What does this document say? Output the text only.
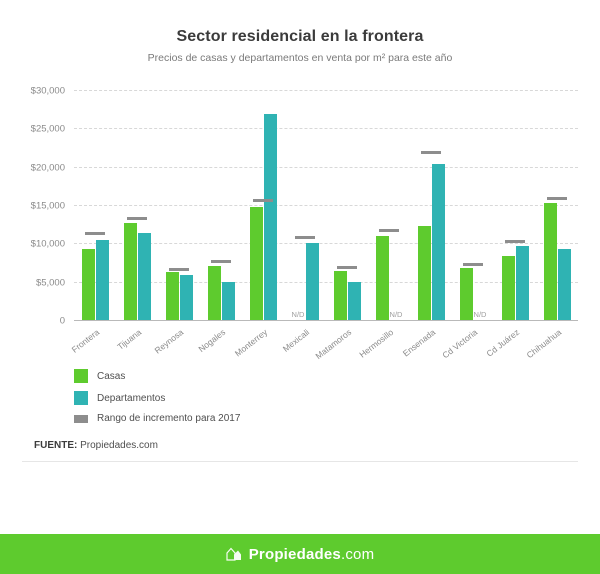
Sector residencial en la frontera
Precios de casas y departamentos en venta por m² para este año
$30,000
$25,000
$20,000
$15,000
$10,000
$5,000
0
N/D	N/D	N/D
Frontera Tijuana Reynosa Nogales Monterrey Mexicali Matamoros Hermosillo Ensenada Cd Victoria Cd Juárez Chihuahua
Casas
Departamentos
Rango de incremento para 2017
FUENTE: Propiedades.com
Propiedades.com
